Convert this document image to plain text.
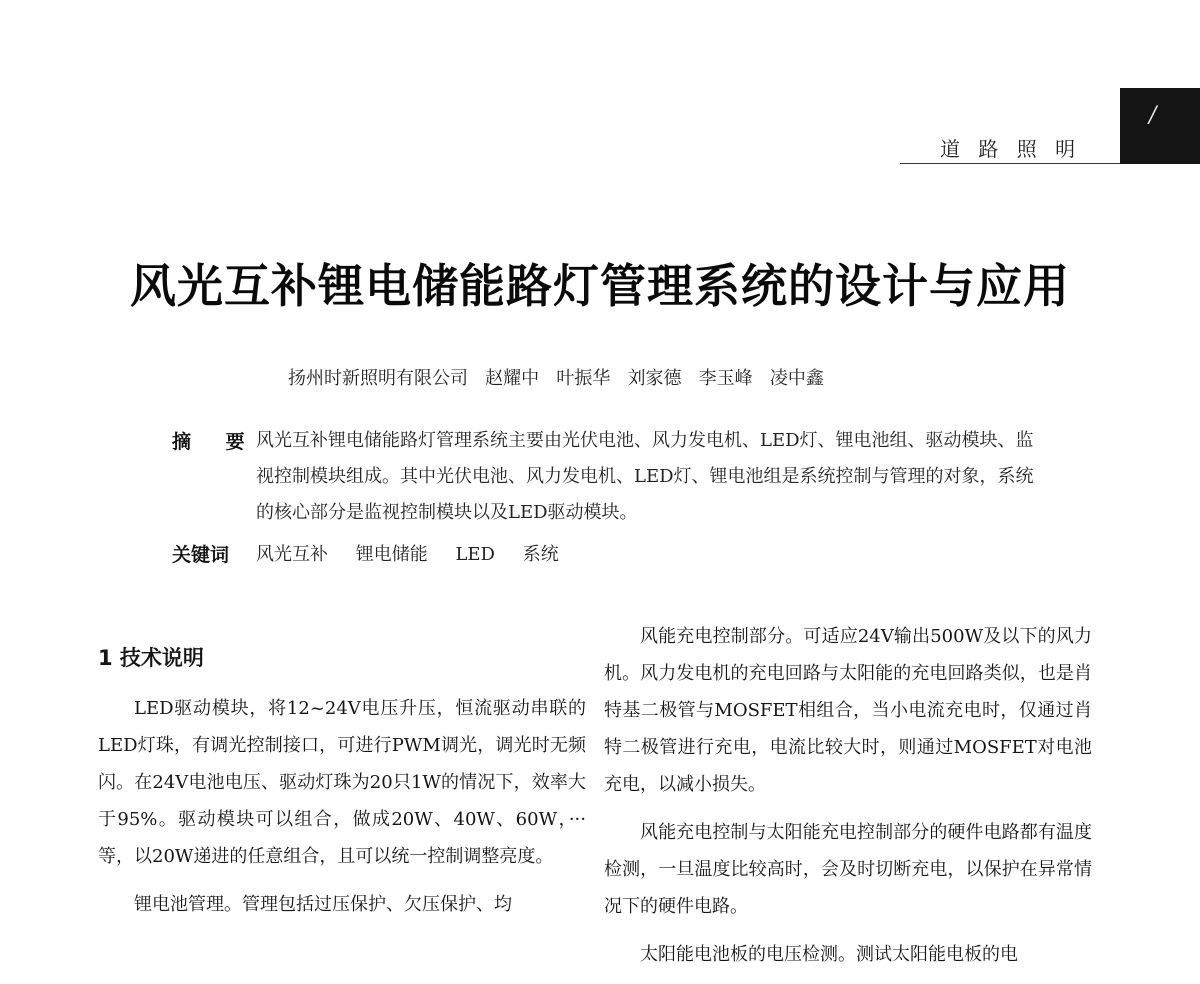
道 路 照 明
/
风光互补锂电储能路灯管理系统的设计与应用
扬州时新照明有限公司   赵耀中   叶振华   刘家德   李玉峰   凌中鑫
摘 要
风光互补锂电储能路灯管理系统主要由光伏电池、风力发电机、LED灯、锂电池组、驱动模块、监视控制模块组成。其中光伏电池、风力发电机、LED灯、锂电池组是系统控制与管理的对象，系统的核心部分是监视控制模块以及LED驱动模块。
关键词 风光互补 锂电储能 LED 系统
1 技术说明

LED驱动模块，将12~24V电压升压，恒流驱动串联的LED灯珠，有调光控制接口，可进行PWM调光，调光时无频闪。在24V电池电压、驱动灯珠为20只1W的情况下，效率大于95%。驱动模块可以组合，做成20W、40W、60W，···等，以20W递进的任意组合，且可以统一控制调整亮度。

锂电池管理。管理包括过压保护、欠压保护、均

风能充电控制部分。可适应24V输出500W及以下的风力机。风力发电机的充电回路与太阳能的充电回路类似，也是肖特基二极管与MOSFET相组合，当小电流充电时，仅通过肖特二极管进行充电，电流比较大时，则通过MOSFET对电池充电，以减小损失。

风能充电控制与太阳能充电控制部分的硬件电路都有温度检测，一旦温度比较高时，会及时切断充电，以保护在异常情况下的硬件电路。

太阳能电池板的电压检测。测试太阳能电板的电
